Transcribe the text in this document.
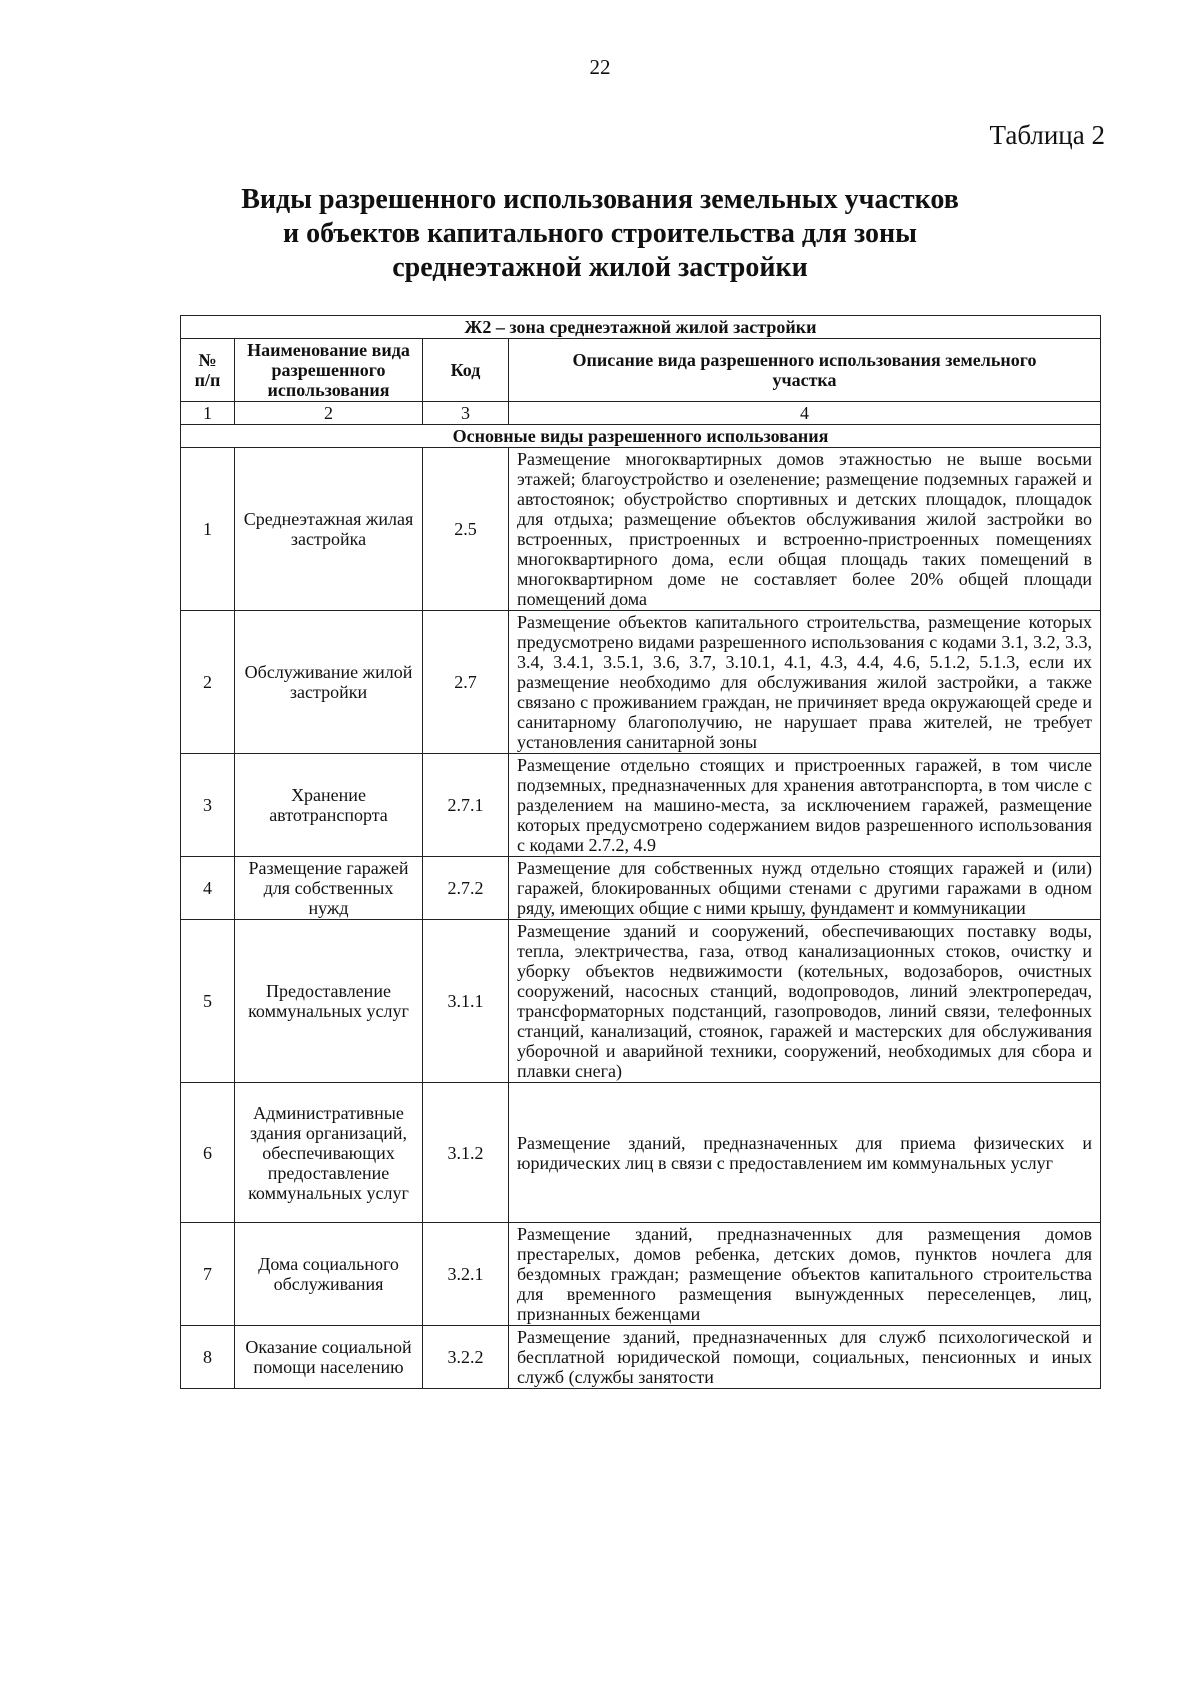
22
Таблица 2
Виды разрешенного использования земельных участков
и объектов капитального строительства для зоны
среднеэтажной жилой застройки
Ж2 – зона среднеэтажной жилой застройки			
№ п/п	Наименование вида разрешенного использования	Код	Описание вида разрешенного использования земельного участка
1	2	3	4
Основные виды разрешенного использования			
1	Среднеэтажная жилая застройка	2.5	Размещение многоквартирных домов этажностью не выше восьми этажей; благоустройство и озеленение; размещение подземных гаражей и автостоянок; обустройство спортивных и детских площадок, площадок для отдыха; размещение объектов обслуживания жилой застройки во встроенных, пристроенных и встроенно-пристроенных помещениях многоквартирного дома, если общая площадь таких помещений в многоквартирном доме не составляет более 20% общей площади помещений дома
2	Обслуживание жилой застройки	2.7	Размещение объектов капитального строительства, размещение которых предусмотрено видами разрешенного использования с кодами 3.1, 3.2, 3.3, 3.4, 3.4.1, 3.5.1, 3.6, 3.7, 3.10.1, 4.1, 4.3, 4.4, 4.6, 5.1.2, 5.1.3, если их размещение необходимо для обслуживания жилой застройки, а также связано с проживанием граждан, не причиняет вреда окружающей среде и санитарному благополучию, не нарушает права жителей, не требует установления санитарной зоны
3	Хранение автотранспорта	2.7.1	Размещение отдельно стоящих и пристроенных гаражей, в том числе подземных, предназначенных для хранения автотранспорта, в том числе с разделением на машино-места, за исключением гаражей, размещение которых предусмотрено содержанием видов разрешенного использования с кодами 2.7.2, 4.9
4	Размещение гаражей для собственных нужд	2.7.2	Размещение для собственных нужд отдельно стоящих гаражей и (или) гаражей, блокированных общими стенами с другими гаражами в одном ряду, имеющих общие с ними крышу, фундамент и коммуникации
5	Предоставление коммунальных услуг	3.1.1	Размещение зданий и сооружений, обеспечивающих поставку воды, тепла, электричества, газа, отвод канализационных стоков, очистку и уборку объектов недвижимости (котельных, водозаборов, очистных сооружений, насосных станций, водопроводов, линий электропередач, трансформаторных подстанций, газопроводов, линий связи, телефонных станций, канализаций, стоянок, гаражей и мастерских для обслуживания уборочной и аварийной техники, сооружений, необходимых для сбора и плавки снега)
6	Административные здания организаций, обеспечивающих предоставление коммунальных услуг	3.1.2	Размещение зданий, предназначенных для приема физических и юридических лиц в связи с предоставлением им коммунальных услуг
7	Дома социального обслуживания	3.2.1	Размещение зданий, предназначенных для размещения домов престарелых, домов ребенка, детских домов, пунктов ночлега для бездомных граждан; размещение объектов капитального строительства для временного размещения вынужденных переселенцев, лиц, признанных беженцами
8	Оказание социальной помощи населению	3.2.2	Размещение зданий, предназначенных для служб психологической и бесплатной юридической помощи, социальных, пенсионных и иных служб (службы занятости
